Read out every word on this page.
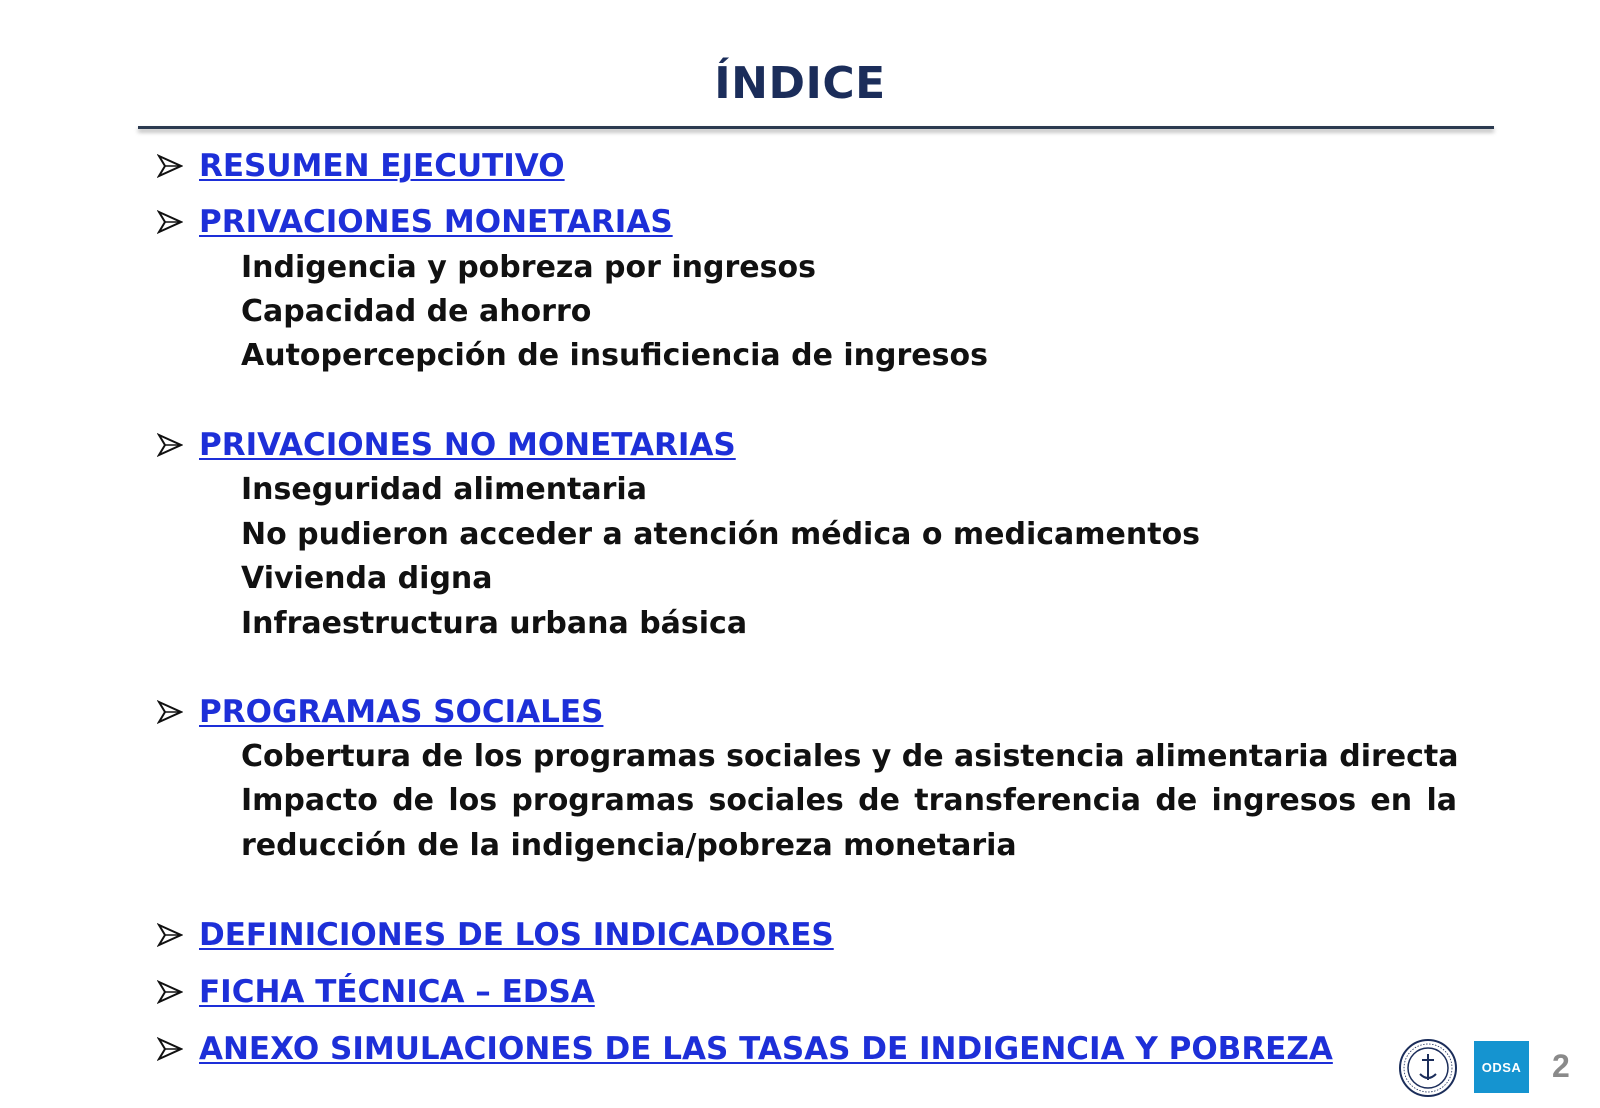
ÍNDICE
RESUMEN EJECUTIVO
PRIVACIONES MONETARIAS
Indigencia y pobreza por ingresos
Capacidad de ahorro
Autopercepción de insuficiencia de ingresos
PRIVACIONES NO MONETARIAS
Inseguridad alimentaria
No pudieron acceder a atención médica o medicamentos
Vivienda digna
Infraestructura urbana básica
PROGRAMAS SOCIALES
Cobertura de los programas sociales y de asistencia alimentaria directa
Impacto de los programas sociales de transferencia de ingresos en la
reducción de la indigencia/pobreza monetaria
DEFINICIONES DE LOS INDICADORES
FICHA TÉCNICA – EDSA
ANEXO SIMULACIONES DE LAS TASAS DE INDIGENCIA Y POBREZA	ODSA 2
